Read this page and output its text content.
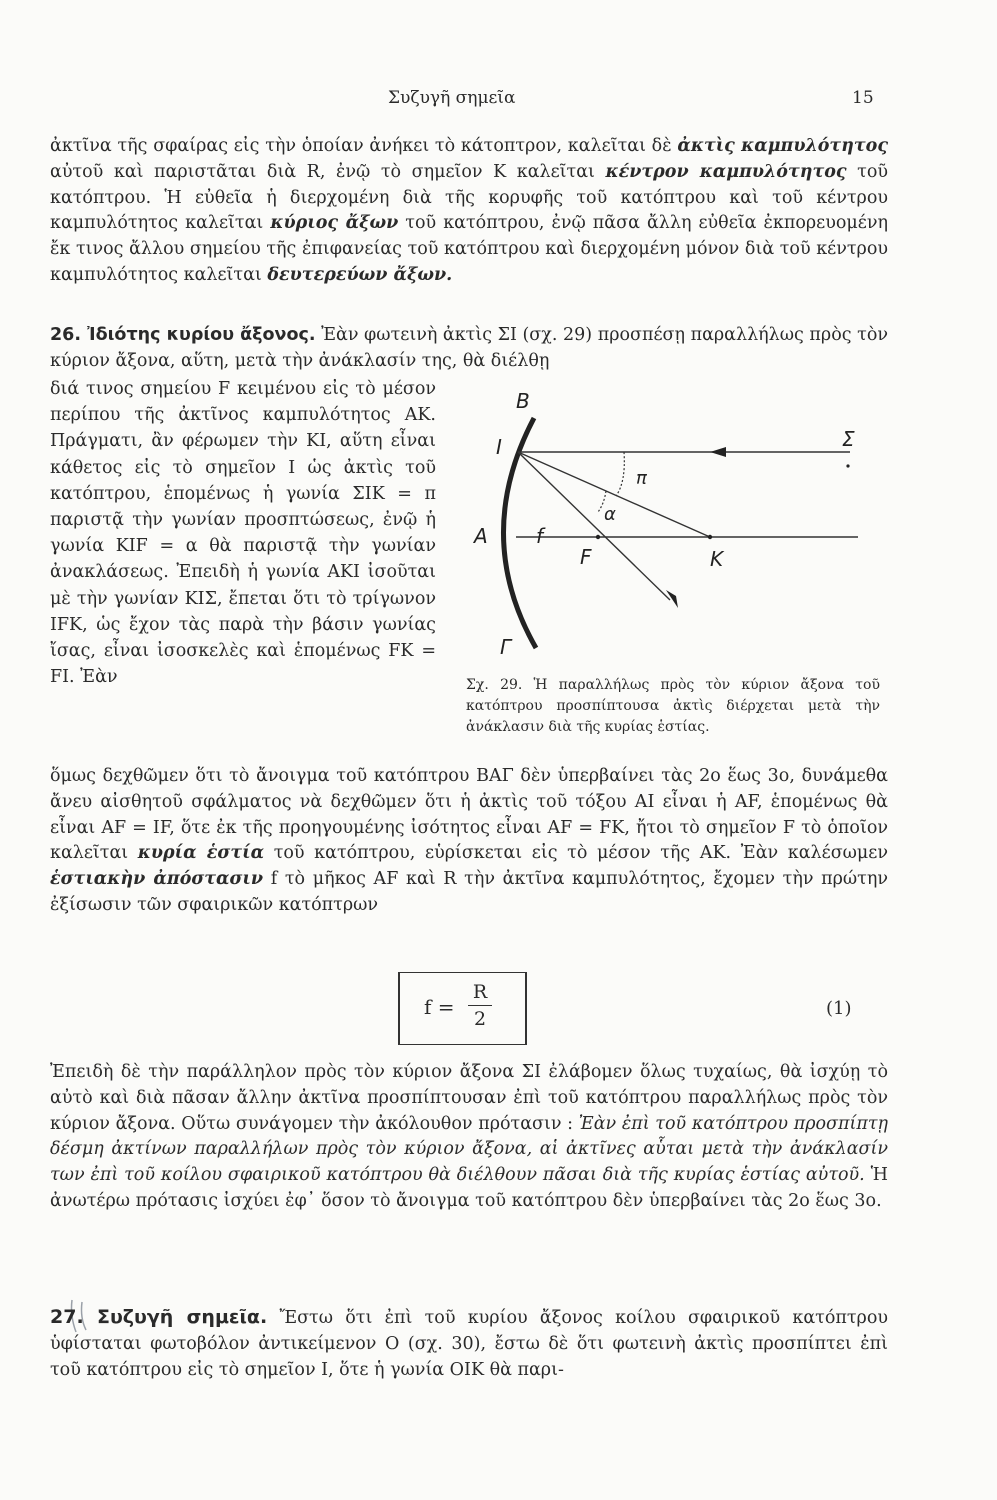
Συζυγῆ σημεῖα	15

ἀκτῖνα τῆς σφαίρας εἰς τὴν ὁποίαν ἀνήκει τὸ κάτοπτρον, καλεῖται δὲ ἀκτὶς καμπυλότητος αὐτοῦ καὶ παριστᾶται διὰ R, ἐνῷ τὸ σημεῖον Κ καλεῖται κέντρον καμπυλότητος τοῦ κατόπτρου. Ἡ εὐθεῖα ἡ διερχομένη διὰ τῆς κορυφῆς τοῦ κατόπτρου καὶ τοῦ κέντρου καμπυλότητος καλεῖται κύριος ἄξων τοῦ κατόπτρου, ἐνῷ πᾶσα ἄλλη εὐθεῖα ἐκπορευομένη ἔκ τινος ἄλλου σημείου τῆς ἐπιφανείας τοῦ κατόπτρου καὶ διερχομένη μόνον διὰ τοῦ κέντρου καμπυλότητος καλεῖται δευτερεύων ἄξων.

26. Ἰδιότης κυρίου ἄξονος. Ἐὰν φωτεινὴ ἀκτὶς ΣΙ (σχ. 29) προσπέσῃ παραλλήλως πρὸς τὸν κύριον ἄξονα, αὕτη, μετὰ τὴν ἀνάκλασίν της, θὰ διέλθῃ

διά τινος σημείου F κειμένου εἰς τὸ μέσον περίπου τῆς ἀκτῖνος καμπυλότητος ΑΚ. Πράγματι, ἂν φέρωμεν τὴν ΚΙ, αὕτη εἶναι κάθετος εἰς τὸ σημεῖον Ι ὡς ἀκτὶς τοῦ κατόπτρου, ἑπομένως ἡ γωνία ΣΙΚ = π παριστᾷ τὴν γωνίαν προσπτώσεως, ἐνῷ ἡ γωνία ΚΙF = α θὰ παριστᾷ τὴν γωνίαν ἀνακλάσεως. Ἐπειδὴ ἡ γωνία ΑΚΙ ἰσοῦται μὲ τὴν γωνίαν ΚΙΣ, ἔπεται ὅτι τὸ τρίγωνον ΙFΚ, ὡς ἔχον τὰς παρὰ τὴν βάσιν γωνίας ἴσας, εἶναι ἰσοσκελὲς καὶ ἑπομένως FK = FI. Ἐὰν

B
I	Σ
π
α
A f
F	K
Γ

Σχ. 29. Ἡ παραλλήλως πρὸς τὸν κύριον ἄξονα τοῦ κατόπτρου προσπίπτουσα ἀκτὶς διέρχεται μετὰ τὴν ἀνάκλασιν διὰ τῆς κυρίας ἑστίας.

ὅμως δεχθῶμεν ὅτι τὸ ἄνοιγμα τοῦ κατόπτρου ΒΑΓ δὲν ὑπερβαίνει τὰς 2ο ἕως 3ο, δυνάμεθα ἄνευ αἰσθητοῦ σφάλματος νὰ δεχθῶμεν ὅτι ἡ ἀκτὶς τοῦ τόξου ΑΙ εἶναι ἡ AF, ἑπομένως θὰ εἶναι AF = IF, ὅτε ἐκ τῆς προηγουμένης ἰσότητος εἶναι AF = FK, ἤτοι τὸ σημεῖον F τὸ ὁποῖον καλεῖται κυρία ἑστία τοῦ κατόπτρου, εὑρίσκεται εἰς τὸ μέσον τῆς ΑΚ. Ἐὰν καλέσωμεν ἑστιακὴν ἀπόστασιν f τὸ μῆκος AF καὶ R τὴν ἀκτῖνα καμπυλότητος, ἔχομεν τὴν πρώτην ἐξίσωσιν τῶν σφαιρικῶν κατόπτρων

$f = \frac{R}{2}$	(1)

Ἐπειδὴ δὲ τὴν παράλληλον πρὸς τὸν κύριον ἄξονα ΣΙ ἐλάβομεν ὅλως τυχαίως, θὰ ἰσχύῃ τὸ αὐτὸ καὶ διὰ πᾶσαν ἄλλην ἀκτῖνα προσπίπτουσαν ἐπὶ τοῦ κατόπτρου παραλλήλως πρὸς τὸν κύριον ἄξονα. Οὕτω συνάγομεν τὴν ἀκόλουθον πρότασιν : Ἐὰν ἐπὶ τοῦ κατόπτρου προσπίπτῃ δέσμη ἀκτίνων παραλλήλων πρὸς τὸν κύριον ἄξονα, αἱ ἀκτῖνες αὗται μετὰ τὴν ἀνάκλασίν των ἐπὶ τοῦ κοίλου σφαιρικοῦ κατόπτρου θὰ διέλθουν πᾶσαι διὰ τῆς κυρίας ἑστίας αὐτοῦ. Ἡ ἀνωτέρω πρότασις ἰσχύει ἐφ᾿ ὅσον τὸ ἄνοιγμα τοῦ κατόπτρου δὲν ὑπερβαίνει τὰς 2ο ἕως 3ο.

27. Συζυγῆ σημεῖα. Ἔστω ὅτι ἐπὶ τοῦ κυρίου ἄξονος κοίλου σφαιρικοῦ κατόπτρου ὑφίσταται φωτοβόλον ἀντικείμενον Ο (σχ. 30), ἔστω δὲ ὅτι φωτεινὴ ἀκτὶς προσπίπτει ἐπὶ τοῦ κατόπτρου εἰς τὸ σημεῖον Ι, ὅτε ἡ γωνία ΟΙΚ θὰ παρι-
